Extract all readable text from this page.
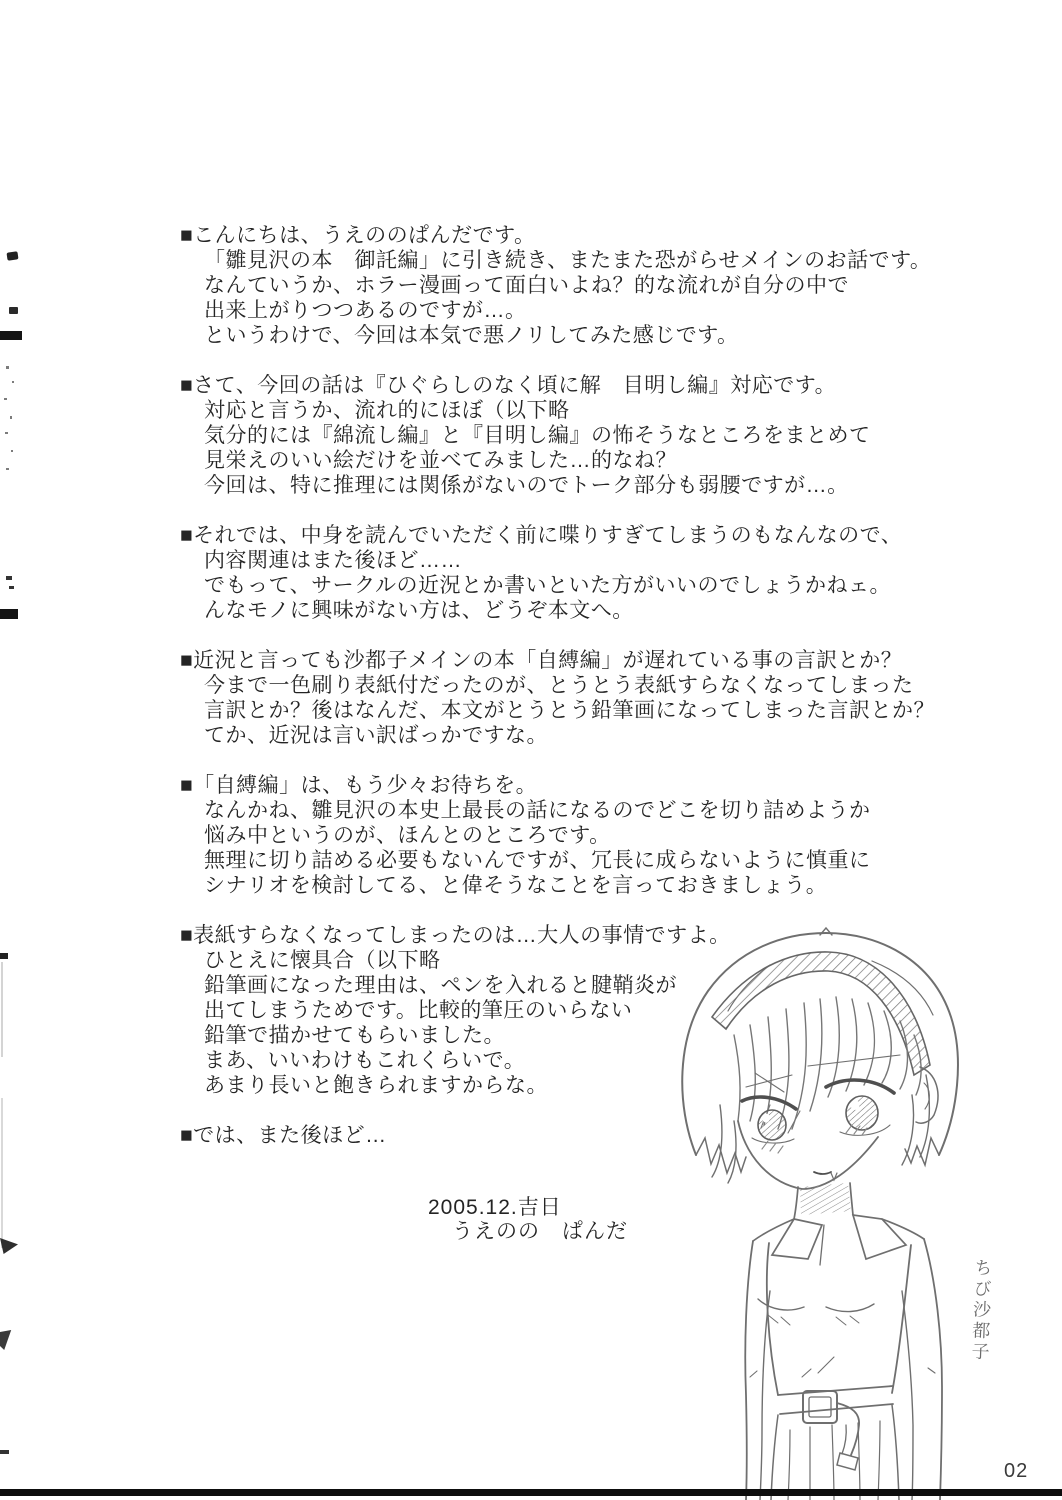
■こんにちは、うえののぱんだです。
「雛見沢の本　御託編」に引き続き、またまた恐がらせメインのお話です。
なんていうか、ホラー漫画って面白いよね？的な流れが自分の中で
出来上がりつつあるのですが…。
というわけで、今回は本気で悪ノリしてみた感じです。
■さて、今回の話は『ひぐらしのなく頃に解　目明し編』対応です。
対応と言うか、流れ的にほぼ（以下略
気分的には『綿流し編』と『目明し編』の怖そうなところをまとめて
見栄えのいい絵だけを並べてみました…的なね？
今回は、特に推理には関係がないのでトーク部分も弱腰ですが…。
■それでは、中身を読んでいただく前に喋りすぎてしまうのもなんなので、
内容関連はまた後ほど……
でもって、サークルの近況とか書いといた方がいいのでしょうかねェ。
んなモノに興味がない方は、どうぞ本文へ。
■近況と言っても沙都子メインの本「自縛編」が遅れている事の言訳とか？
今まで一色刷り表紙付だったのが、とうとう表紙すらなくなってしまった
言訳とか？後はなんだ、本文がとうとう鉛筆画になってしまった言訳とか？
てか、近況は言い訳ばっかですな。
■「自縛編」は、もう少々お待ちを。
なんかね、雛見沢の本史上最長の話になるのでどこを切り詰めようか
悩み中というのが、ほんとのところです。
無理に切り詰める必要もないんですが、冗長に成らないように慎重に
シナリオを検討してる、と偉そうなことを言っておきましょう。
■表紙すらなくなってしまったのは…大人の事情ですよ。
ひとえに懐具合（以下略
鉛筆画になった理由は、ペンを入れると腱鞘炎が
出てしまうためです。比較的筆圧のいらない
鉛筆で描かせてもらいました。
まあ、いいわけもこれくらいで。
あまり長いと飽きられますからな。
■では、また後ほど…
2005.12.吉日
うえのの　ぱんだ
ちび沙都子
02
